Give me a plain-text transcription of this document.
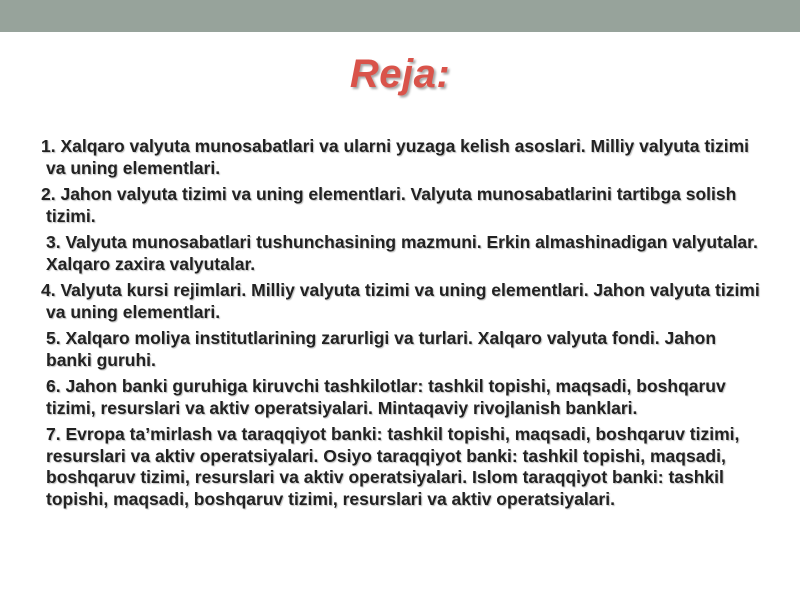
Reja:
1. Xalqaro valyuta munosabatlari va ularni yuzaga kelish asoslari. Milliy valyuta tizimi va uning elementlari.
2. Jahon valyuta tizimi va uning elementlari. Valyuta munosabatlarini tartibga solish tizimi.
3. Valyuta munosabatlari tushunchasining mazmuni. Erkin almashinadigan valyutalar. Xalqaro zaxira valyutalar.
4. Valyuta kursi rejimlari. Milliy valyuta tizimi va uning elementlari. Jahon valyuta tizimi va uning elementlari.
5. Xalqaro moliya institutlarining zarurligi va turlari. Xalqaro valyuta fondi. Jahon banki guruhi.
6. Jahon banki guruhiga kiruvchi tashkilotlar: tashkil topishi, maqsadi, boshqaruv tizimi, resurslari va aktiv operatsiyalari. Mintaqaviy rivojlanish banklari.
7. Evropa ta’mirlash va taraqqiyot banki: tashkil topishi, maqsadi, boshqaruv tizimi, resurslari va aktiv operatsiyalari. Osiyo taraqqiyot banki: tashkil topishi, maqsadi, boshqaruv tizimi, resurslari va aktiv operatsiyalari. Islom taraqqiyot banki: tashkil topishi, maqsadi, boshqaruv tizimi, resurslari va aktiv operatsiyalari.
